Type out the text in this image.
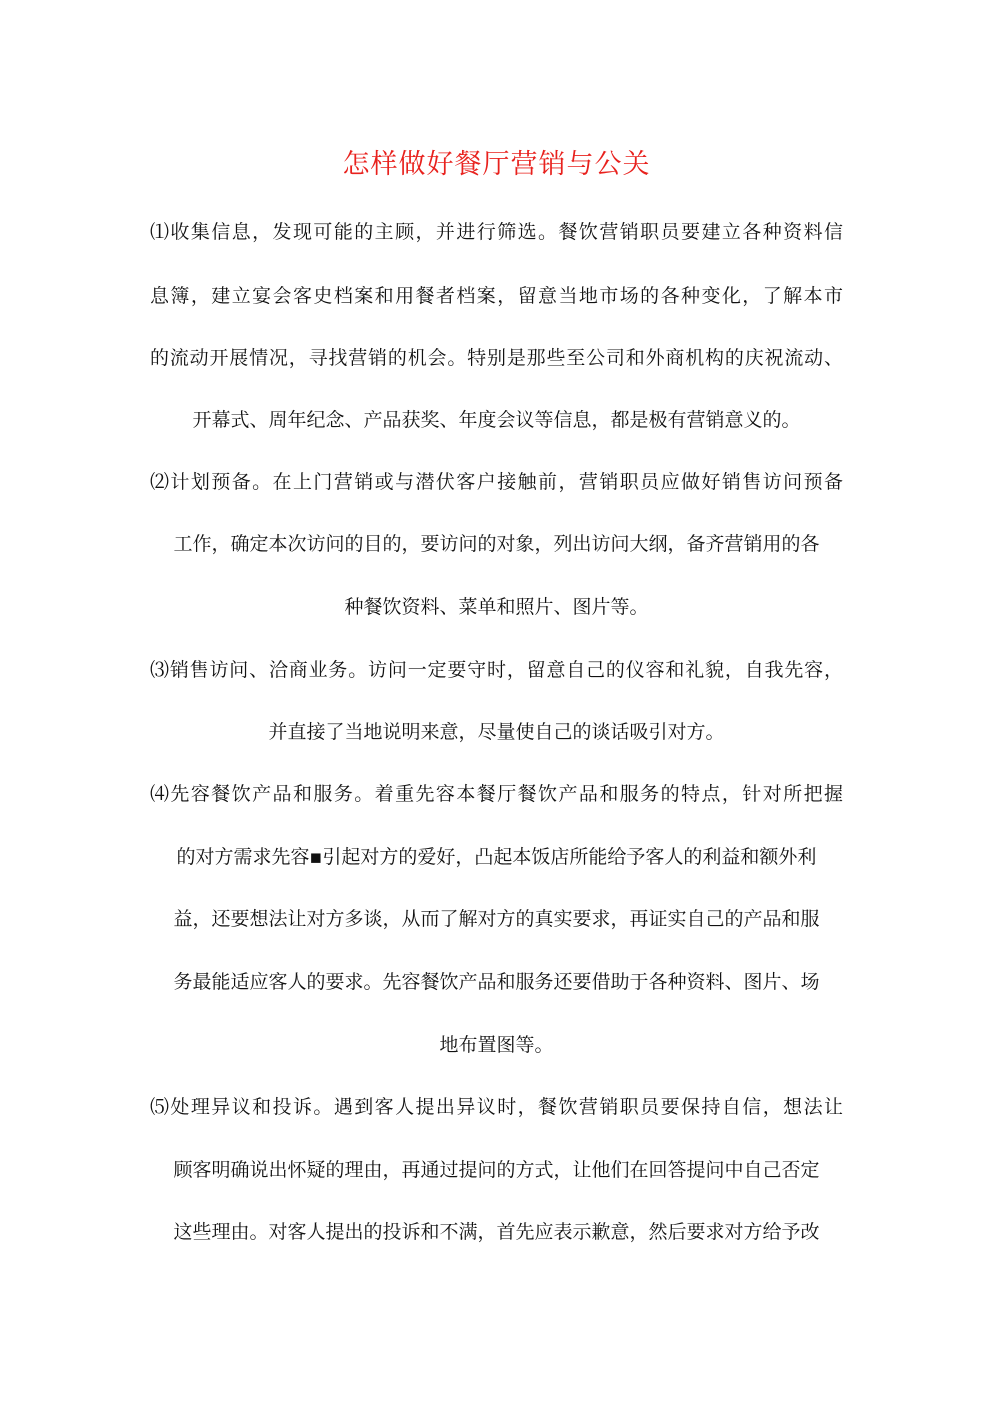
怎样做好餐厅营销与公关
⑴收集信息，发现可能的主顾，并进行筛选。餐饮营销职员要建立各种资料信
息簿，建立宴会客史档案和用餐者档案，留意当地市场的各种变化，了解本市
的流动开展情况，寻找营销的机会。特别是那些至公司和外商机构的庆祝流动、
开幕式、周年纪念、产品获奖、年度会议等信息，都是极有营销意义的。
⑵计划预备。在上门营销或与潜伏客户接触前，营销职员应做好销售访问预备
工作，确定本次访问的目的，要访问的对象，列出访问大纲，备齐营销用的各
种餐饮资料、菜单和照片、图片等。
⑶销售访问、洽商业务。访问一定要守时，留意自己的仪容和礼貌，自我先容，
并直接了当地说明来意，尽量使自己的谈话吸引对方。
⑷先容餐饮产品和服务。着重先容本餐厅餐饮产品和服务的特点，针对所把握
的对方需求先容▪引起对方的爱好，凸起本饭店所能给予客人的利益和额外利
益，还要想法让对方多谈，从而了解对方的真实要求，再证实自己的产品和服
务最能适应客人的要求。先容餐饮产品和服务还要借助于各种资料、图片、场
地布置图等。
⑸处理异议和投诉。遇到客人提出异议时，餐饮营销职员要保持自信，想法让
顾客明确说出怀疑的理由，再通过提问的方式，让他们在回答提问中自己否定
这些理由。对客人提出的投诉和不满，首先应表示歉意，然后要求对方给予改
